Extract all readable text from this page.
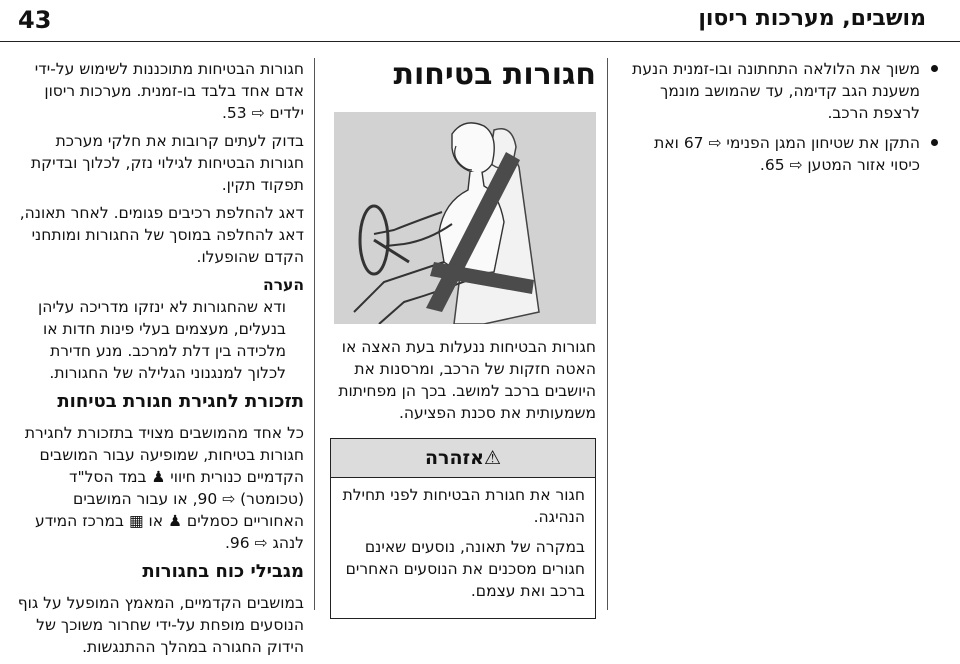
מושבים, מערכות ריסון
43
משוך את הלולאה התחתונה ובו-זמנית הנעת משענת הגב קדימה, עד שהמושב מונמך לרצפת הרכב.
התקן את שטיחון המגן הפנימי ⇨ 67 ואת כיסוי אזור המטען ⇨ 65.
חגורות בטיחות

חגורות הבטיחות ננעלות בעת האצה או האטה חזקות של הרכב, ומרסנות את היושבים ברכב למושב. בכך הן מפחיתות משמעותית את סכנת הפציעה.

⚠אזהרה

חגור את חגורת הבטיחות לפני תחילת הנהיגה.

במקרה של תאונה, נוסעים שאינם חגורים מסכנים את הנוסעים האחרים ברכב ואת עצמם.

חגורות הבטיחות מתוכננות לשימוש על-ידי אדם אחד בלבד בו-זמנית. מערכות ריסון ילדים ⇨ 53.

בדוק לעתים קרובות את חלקי מערכת חגורות הבטיחות לגילוי נזק, לכלוך ובדיקת תפקוד תקין.

דאג להחלפת רכיבים פגומים. לאחר תאונה, דאג להחלפה במוסך של החגורות ומותחני הקדם שהופעלו.

הערה

ודא שהחגורות לא ינזקו מדריכה עליהן בנעלים, מעצמים בעלי פינות חדות או מלכידה בין דלת למרכב. מנע חדירת לכלוך למנגנוני הגלילה של החגורות.

תזכורת לחגירת חגורת בטיחות

כל אחד מהמושבים מצויד בתזכורת לחגירת חגורות בטיחות, שמופיעה עבור המושבים הקדמיים כנורית חיווי ♟ במד הסל"ד (טכומטר) ⇨ 90, או עבור המושבים האחוריים כסמלים ♟ או ▦ במרכז המידע לנהג ⇨ 96.

מגבילי כוח בחגורות

במושבים הקדמיים, המאמץ המופעל על גוף הנוסעים מופחת על-ידי שחרור משוכך של הידוק החגורה במהלך ההתנגשות.
